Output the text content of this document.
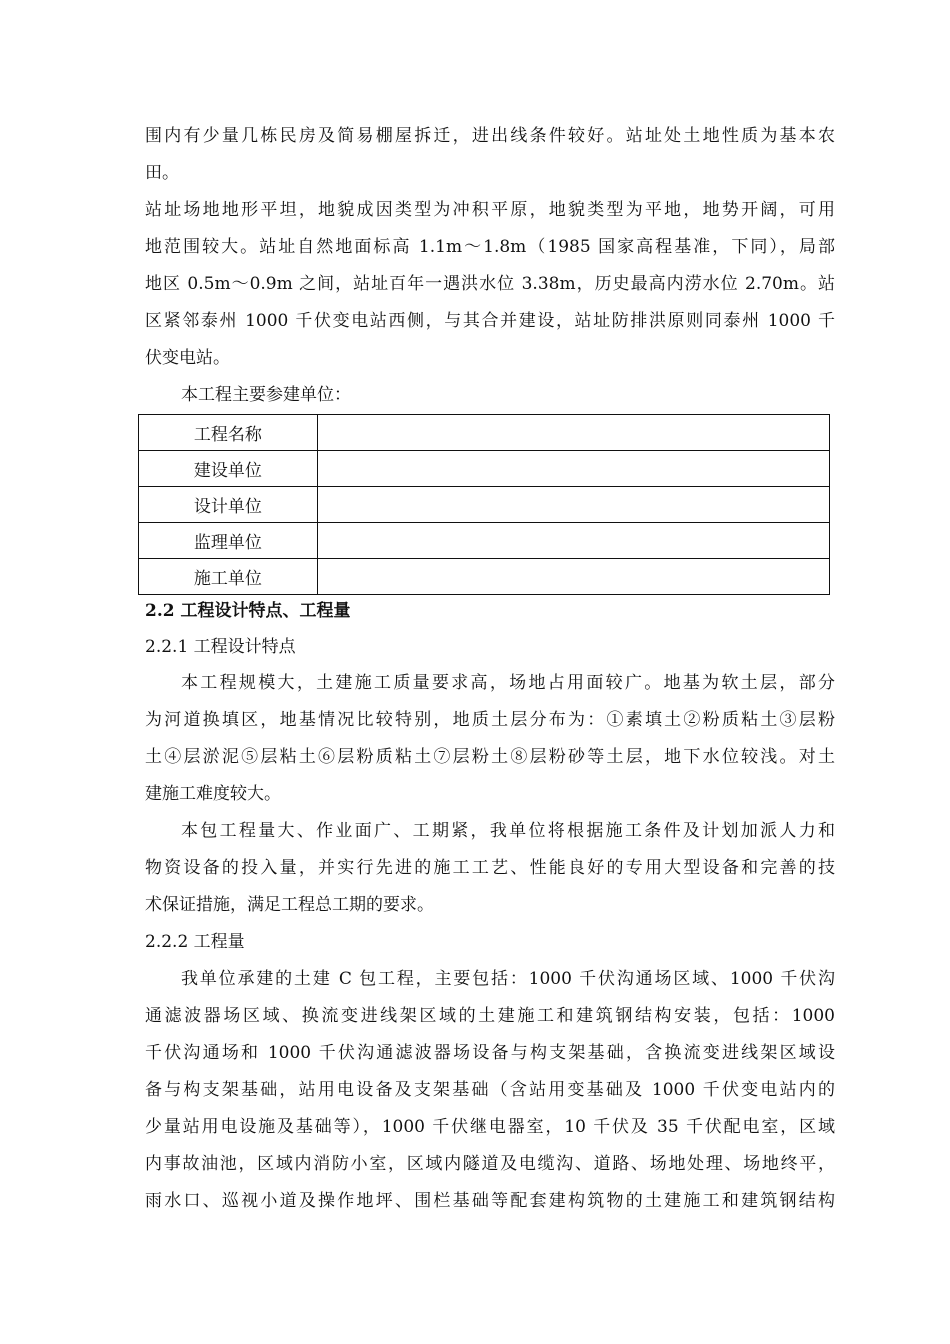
围内有少量几栋民房及简易棚屋拆迁，进出线条件较好。站址处土地性质为基本农
田。
站址场地地形平坦，地貌成因类型为冲积平原，地貌类型为平地，地势开阔，可用
地范围较大。站址自然地面标高 1.1m～1.8m（1985 国家高程基准，下同），局部
地区 0.5m～0.9m 之间，站址百年一遇洪水位 3.38m，历史最高内涝水位 2.70m。站
区紧邻泰州 1000 千伏变电站西侧，与其合并建设，站址防排洪原则同泰州 1000 千
伏变电站。
本工程主要参建单位：
工程名称	
建设单位	
设计单位	
监理单位	
施工单位	
2.2 工程设计特点、工程量
2.2.1 工程设计特点
本工程规模大，土建施工质量要求高，场地占用面较广。地基为软土层，部分
为河道换填区，地基情况比较特别，地质土层分布为：①素填土②粉质粘土③层粉
土④层淤泥⑤层粘土⑥层粉质粘土⑦层粉土⑧层粉砂等土层，地下水位较浅。对土
建施工难度较大。
本包工程量大、作业面广、工期紧，我单位将根据施工条件及计划加派人力和
物资设备的投入量，并实行先进的施工工艺、性能良好的专用大型设备和完善的技
术保证措施，满足工程总工期的要求。
2.2.2 工程量
我单位承建的土建 C 包工程，主要包括：1000 千伏沟通场区域、1000 千伏沟
通滤波器场区域、换流变进线架区域的土建施工和建筑钢结构安装，包括：1000
千伏沟通场和 1000 千伏沟通滤波器场设备与构支架基础，含换流变进线架区域设
备与构支架基础，站用电设备及支架基础（含站用变基础及 1000 千伏变电站内的
少量站用电设施及基础等），1000 千伏继电器室，10 千伏及 35 千伏配电室，区域
内事故油池，区域内消防小室，区域内隧道及电缆沟、道路、场地处理、场地终平，
雨水口、巡视小道及操作地坪、围栏基础等配套建构筑物的土建施工和建筑钢结构
